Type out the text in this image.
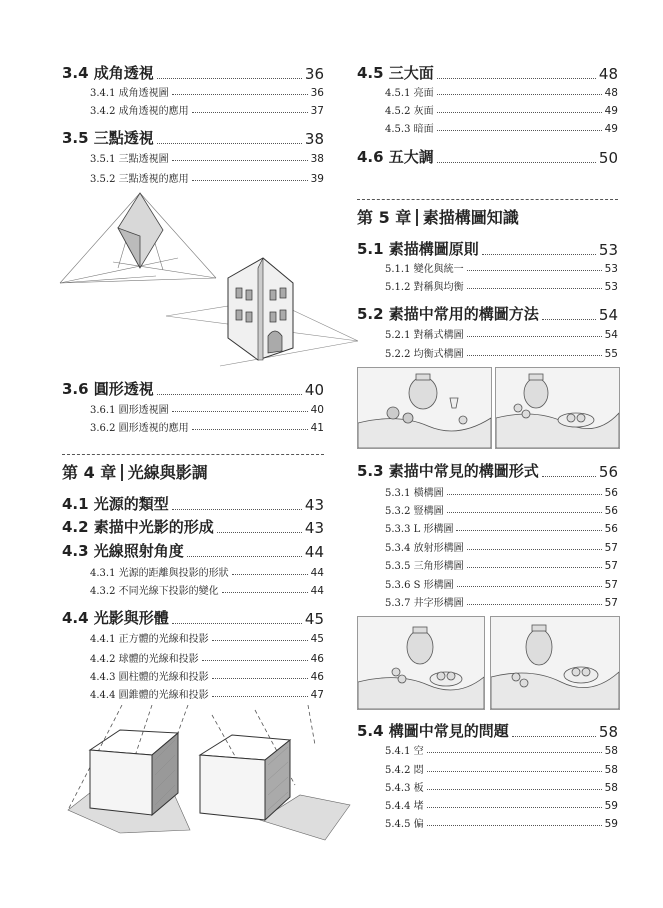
3.4 成角透視	36
3.4.1 成角透視圖	36
3.4.2 成角透視的應用	37
3.5 三點透視	38
3.5.1 三點透視圖	38
3.5.2 三點透視的應用	39
3.6 圓形透視	40
3.6.1 圓形透視圖	40
3.6.2 圓形透視的應用	41
第 4 章 光線與影調
4.1 光源的類型	43
4.2 素描中光影的形成	43
4.3 光線照射角度	44
4.3.1 光源的距離與投影的形狀	44
4.3.2 不同光線下投影的變化	44
4.4 光影與形體	45
4.4.1 正方體的光線和投影	45
4.4.2 球體的光線和投影	46
4.4.3 圓柱體的光線和投影	46
4.4.4 圓錐體的光線和投影	47
4.5 三大面	48
4.5.1 亮面	48
4.5.2 灰面	49
4.5.3 暗面	49
4.6 五大調	50
第 5 章 素描構圖知識
5.1 素描構圖原則	53
5.1.1 變化與統一	53
5.1.2 對稱與均衡	53
5.2 素描中常用的構圖方法	54
5.2.1 對稱式構圖	54
5.2.2 均衡式構圖	55
5.3 素描中常見的構圖形式	56
5.3.1 橫構圖	56
5.3.2 豎構圖	56
5.3.3 L 形構圖	56
5.3.4 放射形構圖	57
5.3.5 三角形構圖	57
5.3.6 S 形構圖	57
5.3.7 井字形構圖	57
5.4 構圖中常見的問題	58
5.4.1 空	58
5.4.2 悶	58
5.4.3 板	58
5.4.4 堵	59
5.4.5 偏	59
